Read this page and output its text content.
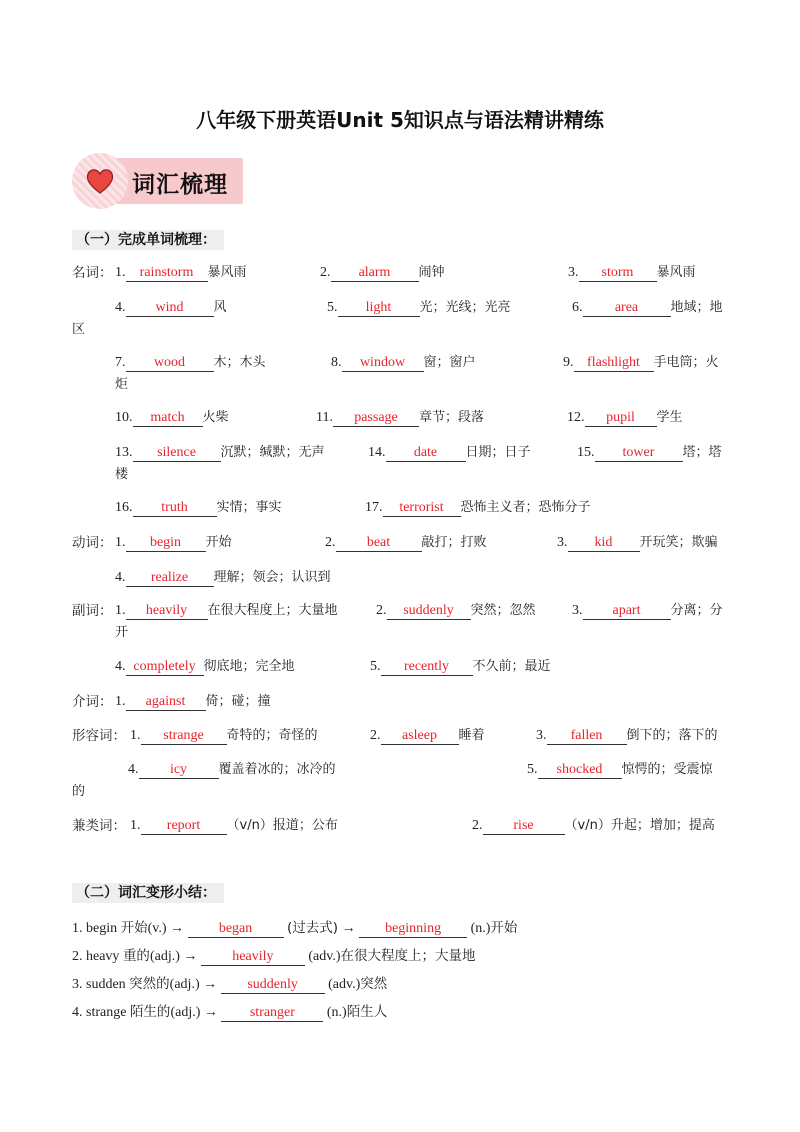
八年级下册英语Unit 5知识点与语法精讲精练
词汇梳理
（一）完成单词梳理：
名词： 1. rainstorm 暴风雨	2. alarm 闹钟	3. storm 暴风雨
4. wind 风	5. light 光；光线；光亮	6. area 地域；地
区
7. wood 木；木头	8. window 窗；窗户	9. flashlight 手电筒；火
炬
10. match 火柴	11. passage 章节；段落	12. pupil 学生
13. silence 沉默；缄默；无声	14. date 日期；日子	15. tower 塔；塔
楼
16. truth 实情；事实	17. terrorist 恐怖主义者；恐怖分子
动词： 1. begin 开始	2. beat 敲打；打败	3. kid 开玩笑；欺骗
4. realize 理解；领会；认识到
副词： 1. heavily 在很大程度上；大量地	2. suddenly 突然；忽然	3. apart 分离；分
开
4. completely 彻底地；完全地	5. recently 不久前；最近
介词： 1. against 倚；碰；撞
形容词： 1. strange 奇特的；奇怪的	2. asleep 睡着	3. fallen 倒下的；落下的
4. icy 覆盖着冰的；冰冷的	5. shocked 惊愕的；受震惊
的
兼类词： 1. report （v/n）报道；公布	2. rise （v/n）升起；增加；提高
（二）词汇变形小结：
1. begin 开始(v.) → began	(过去式) → beginning (n.)开始
2. heavy 重的(adj.) → heavily (adv.)在很大程度上；大量地
3. sudden 突然的(adj.) → suddenly (adv.)突然
4. strange 陌生的(adj.) → stranger (n.)陌生人
